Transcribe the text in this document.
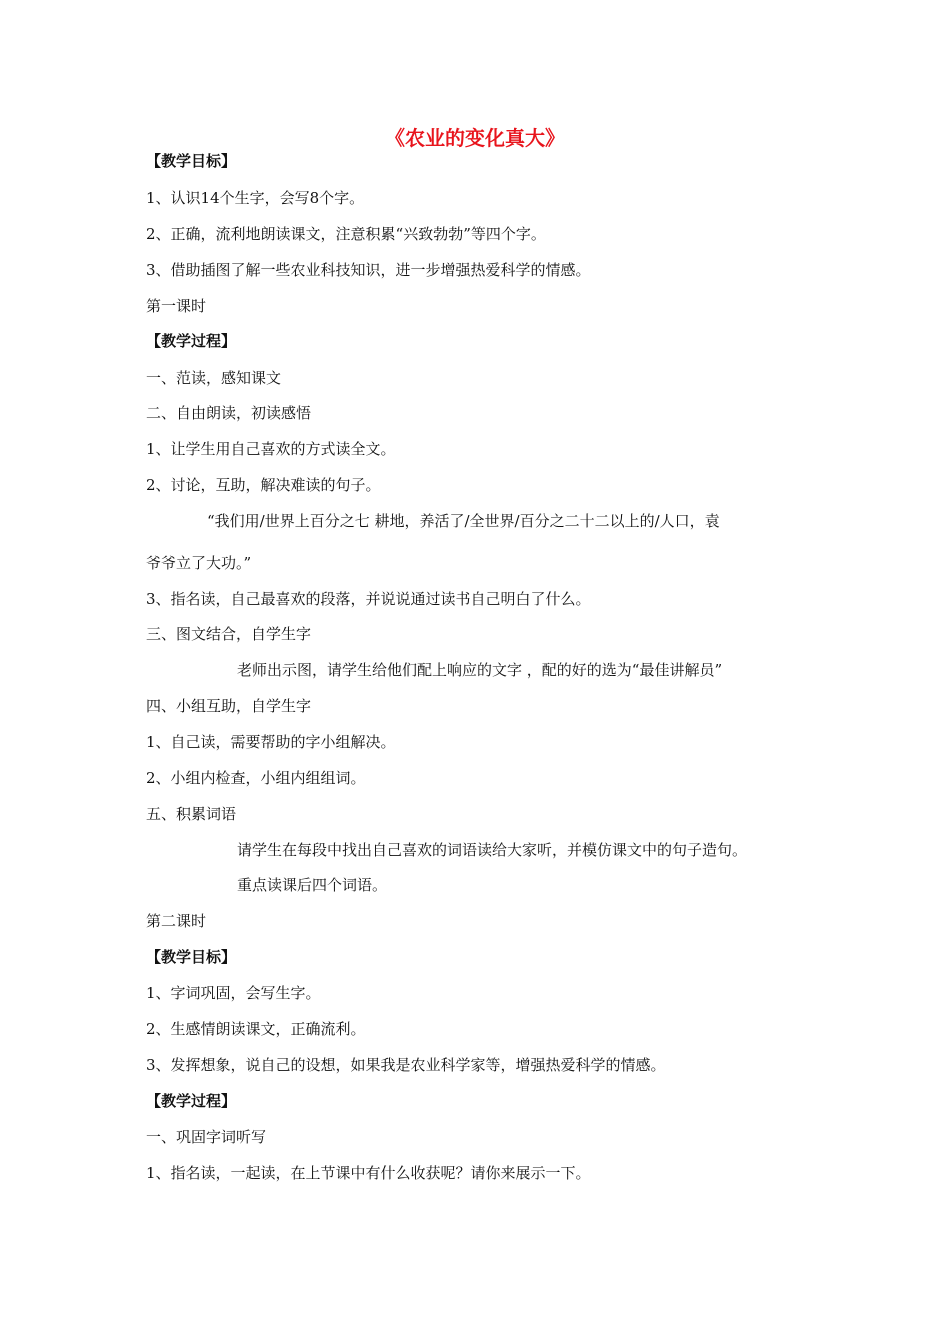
《农业的变化真大》

【教学目标】

1、认识14个生字，会写8个字。

2、正确，流利地朗读课文，注意积累“兴致勃勃”等四个字。

3、借助插图了解一些农业科技知识，进一步增强热爱科学的情感。

第一课时

【教学过程】

一、范读，感知课文

二、自由朗读，初读感悟

1、让学生用自己喜欢的方式读全文。

2、讨论，互助，解决难读的句子。

“我们用/世界上百分之七 耕地，养活了/全世界/百分之二十二以上的/人口，袁

爷爷立了大功。”

3、指名读，自己最喜欢的段落，并说说通过读书自己明白了什么。

三、图文结合，自学生字

老师出示图，请学生给他们配上响应的文字 ，配的好的选为“最佳讲解员”

四、小组互助，自学生字

1、自己读，需要帮助的字小组解决。

2、小组内检查，小组内组组词。

五、积累词语

请学生在每段中找出自己喜欢的词语读给大家听，并模仿课文中的句子造句。

重点读课后四个词语。

第二课时

【教学目标】

1、字词巩固，会写生字。

2、生感情朗读课文，正确流利。

3、发挥想象，说自己的设想，如果我是农业科学家等，增强热爱科学的情感。

【教学过程】

一、巩固字词听写

1、指名读，一起读，在上节课中有什么收获呢？请你来展示一下。
